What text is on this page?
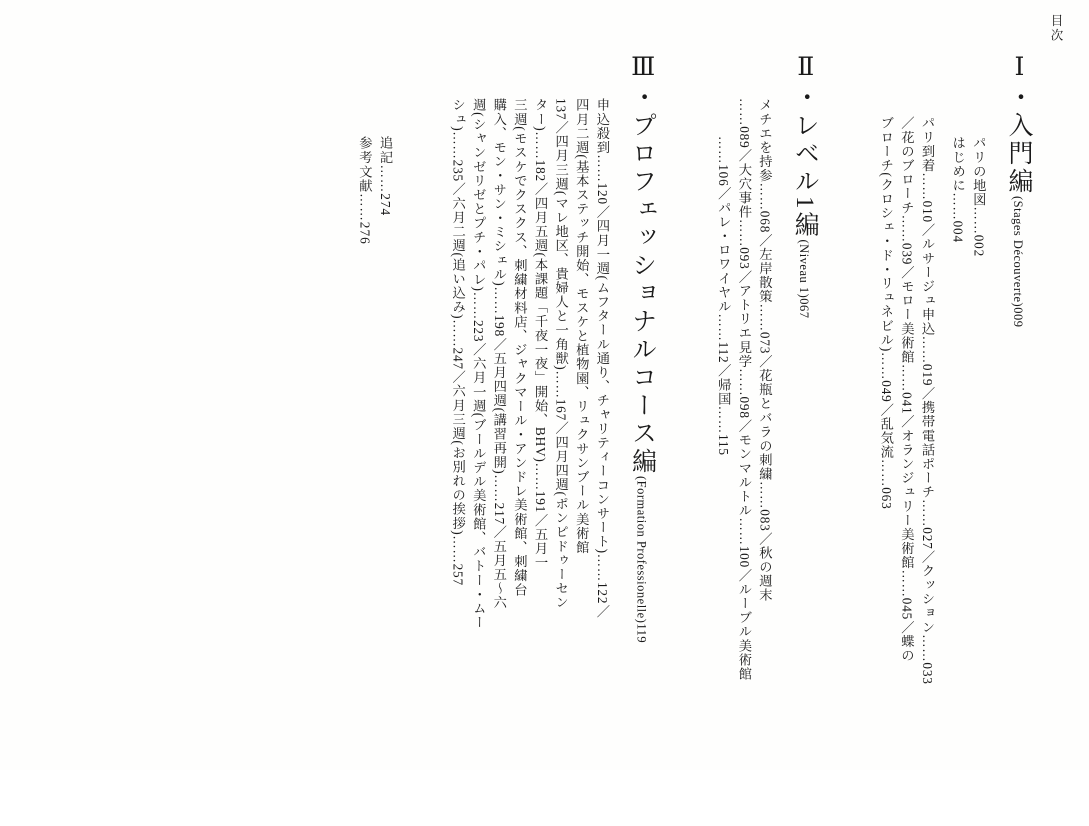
目次
Ⅰ・入門編(Stages Découverte)009
パリの地図……002
はじめに……004
パリ到着……010／ルサージュ申込……019／携帯電話ポーチ……027／クッション……033
／花のブローチ……039／モロー美術館……041／オランジュリー美術館……045／蝶の
ブローチ(クロシェ・ド・リュネビル)……049／乱気流……063
Ⅱ・レベル1編(Niveau 1)067
メチエを持参……068／左岸散策……073／花瓶とバラの刺繍……083／秋の週末
……089／大穴事件……093／アトリエ見学……098／モンマルトル……100／ルーブル美術館
……106／パレ・ロワイヤル……112／帰国……115
Ⅲ・プロフェッショナルコース編(Formation Professionelle)119
申込殺到……120／四月一週(ムフタール通り、チャリティーコンサート)……122／
四月二週(基本ステッチ開始、モスケと植物園、リュクサンブール美術館
137／四月三週(マレ地区、貴婦人と一角獣)……167／四月四週(ポンピドゥーセン
ター)……182／四月五週(本課題「千夜一夜」開始、BHV)……191／五月一
三週(モスケでクスクス、刺繍材料店、ジャクマール・アンドレ美術館、刺繍台
購入、モン・サン・ミシェル)……198／五月四週(講習再開)……217／五月五〜六
週(シャンゼリゼとプチ・パレ)……223／六月一週(ブールデル美術館、バトー・ムー
シュ)……235／六月二週(追い込み)……247／六月三週(お別れの挨拶)……257
追記……274
参考文献……276
